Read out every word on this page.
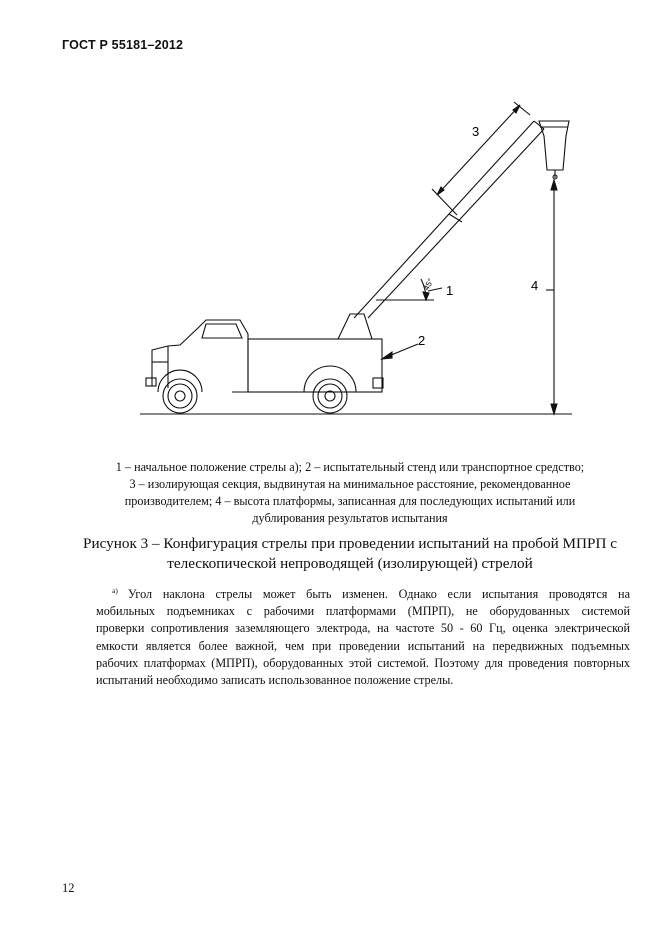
ГОСТ Р 55181–2012
1
2
3
4
45°
1 – начальное положение стрелы а); 2 – испытательный стенд или транспортное средство;
3 – изолирующая секция, выдвинутая на минимальное расстояние, рекомендованное
производителем; 4 – высота платформы, записанная для последующих испытаний или
дублирования результатов испытания
Рисунок 3 – Конфигурация стрелы при проведении испытаний на пробой МПРП с
телескопической непроводящей (изолирующей) стрелой
$^{а)}$ Угол наклона стрелы может быть изменен. Однако если испытания проводятся на
мобильных подъемниках с рабочими платформами (МПРП), не оборудованных системой
проверки сопротивления заземляющего электрода, на частоте 50 - 60 Гц, оценка электрической
емкости является более важной, чем при проведении испытаний на передвижных подъемных
рабочих платформах (МПРП), оборудованных этой системой. Поэтому для проведения повторных
испытаний необходимо записать использованное положение стрелы.
12
